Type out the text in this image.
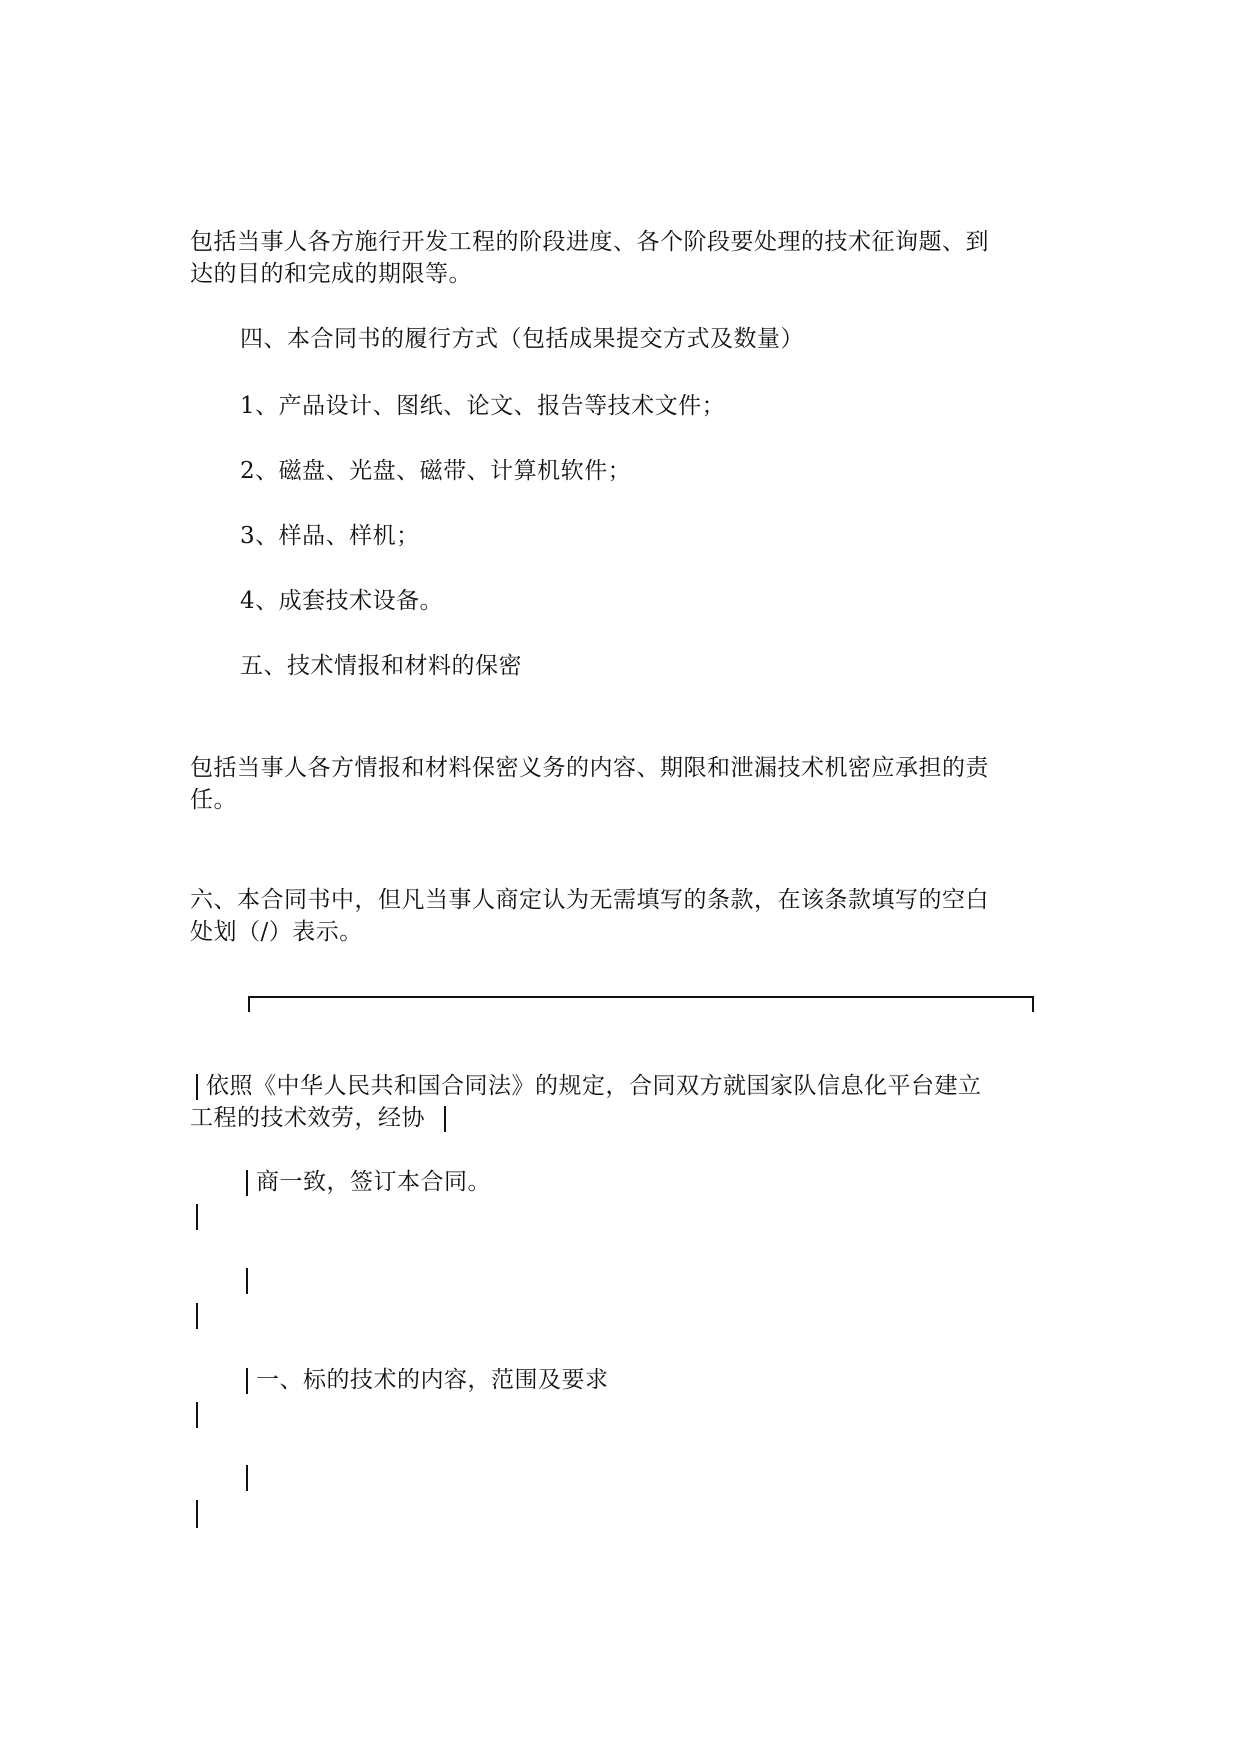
包括当事人各方施行开发工程的阶段进度、各个阶段要处理的技术征询题、到
达的目的和完成的期限等。
四、本合同书的履行方式（包括成果提交方式及数量）
1、产品设计、图纸、论文、报告等技术文件；
2、磁盘、光盘、磁带、计算机软件；
3、样品、样机；
4、成套技术设备。
五、技术情报和材料的保密
包括当事人各方情报和材料保密义务的内容、期限和泄漏技术机密应承担的责
任。
六、本合同书中，但凡当事人商定认为无需填写的条款，在该条款填写的空白
处划（/）表示。
依照《中华人民共和国合同法》的规定，合同双方就国家队信息化平台建立
工程的技术效劳，经协
商一致，签订本合同。
一、标的技术的内容，范围及要求
